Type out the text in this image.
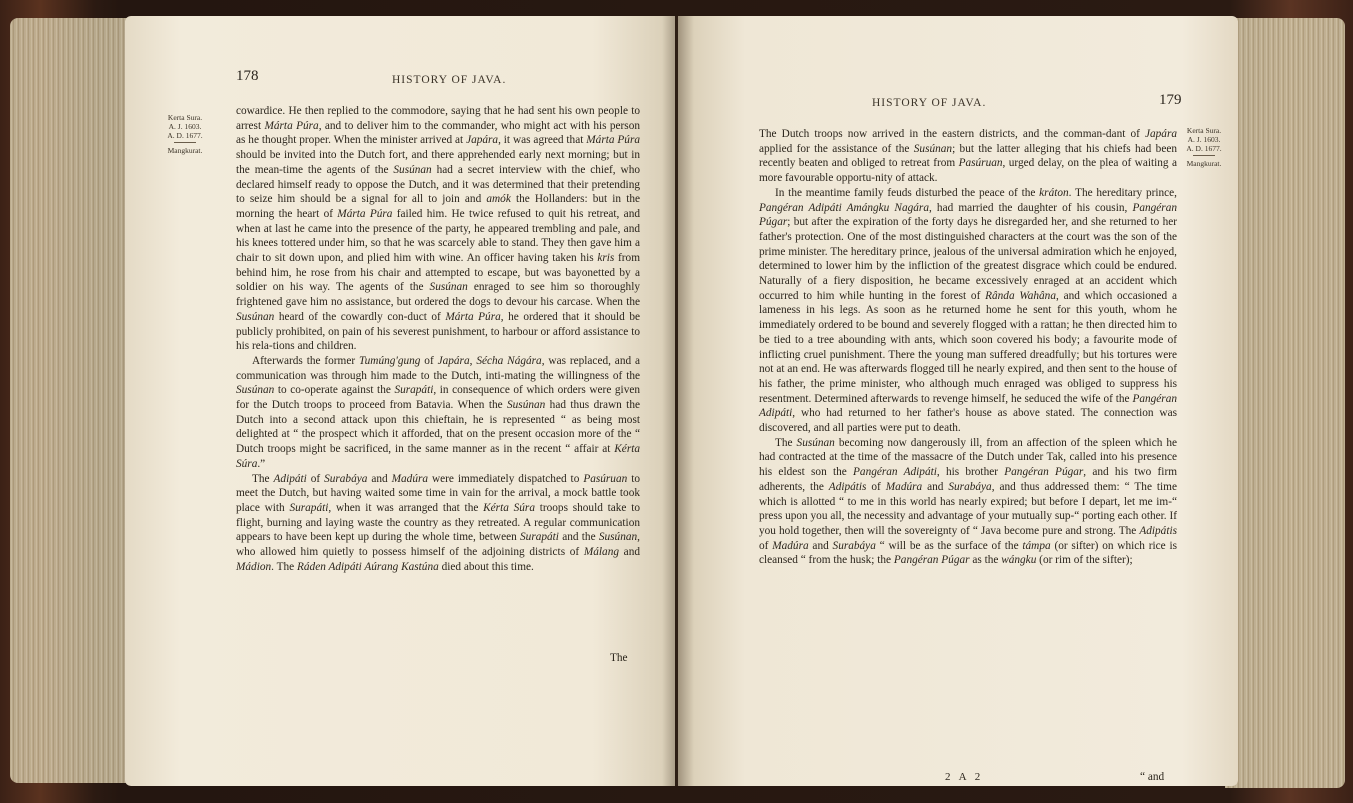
178	HISTORY OF JAVA.
Kerta Sura.
A. J. 1603.
A. D. 1677.
Mangkurat.

cowardice. He then replied to the commodore, saying that he had sent his own people to arrest Márta Púra, and to deliver him to the commander, who might act with his person as he thought proper. When the minister arrived at Japára, it was agreed that Márta Púra should be invited into the Dutch fort, and there apprehended early next morning; but in the mean-time the agents of the Susúnan had a secret interview with the chief, who declared himself ready to oppose the Dutch, and it was determined that their pretending to seize him should be a signal for all to join and amók the Hollanders: but in the morning the heart of Márta Púra failed him. He twice refused to quit his retreat, and when at last he came into the presence of the party, he appeared trembling and pale, and his knees tottered under him, so that he was scarcely able to stand. They then gave him a chair to sit down upon, and plied him with wine. An officer having taken his kris from behind him, he rose from his chair and attempted to escape, but was bayonetted by a soldier on his way. The agents of the Susúnan enraged to see him so thoroughly frightened gave him no assistance, but ordered the dogs to devour his carcase. When the Susúnan heard of the cowardly con-duct of Márta Púra, he ordered that it should be publicly prohibited, on pain of his severest punishment, to harbour or afford assistance to his rela-tions and children.

Afterwards the former Tumúng'gung of Japára, Sécha Nágára, was replaced, and a communication was through him made to the Dutch, inti-mating the willingness of the Susúnan to co-operate against the Surapáti, in consequence of which orders were given for the Dutch troops to proceed from Batavia. When the Susúnan had thus drawn the Dutch into a second attack upon this chieftain, he is represented “ as being most delighted at “ the prospect which it afforded, that on the present occasion more of the “ Dutch troops might be sacrificed, in the same manner as in the recent “ affair at Kérta Súra.”

The Adipáti of Surabáya and Madúra were immediately dispatched to Pasúruan to meet the Dutch, but having waited some time in vain for the arrival, a mock battle took place with Surapáti, when it was arranged that the Kérta Súra troops should take to flight, burning and laying waste the country as they retreated. A regular communication appears to have been kept up during the whole time, between Surapáti and the Susúnan, who allowed him quietly to possess himself of the adjoining districts of Málang and Mádion. The Ráden Adipáti Aúrang Kastúna died about this time.

The
HISTORY OF JAVA.	179
Kerta Sura.
A. J. 1603.
A. D. 1677.
Mangkurat.

The Dutch troops now arrived in the eastern districts, and the comman-dant of Japára applied for the assistance of the Susúnan; but the latter alleging that his chiefs had been recently beaten and obliged to retreat from Pasúruan, urged delay, on the plea of waiting a more favourable opportu-nity of attack.

In the meantime family feuds disturbed the peace of the kráton. The hereditary prince, Pangéran Adipáti Amángku Nagára, had married the daughter of his cousin, Pangéran Púgar; but after the expiration of the forty days he disregarded her, and she returned to her father's protection. One of the most distinguished characters at the court was the son of the prime minister. The hereditary prince, jealous of the universal admiration which he enjoyed, determined to lower him by the infliction of the greatest disgrace which could be endured. Naturally of a fiery disposition, he became excessively enraged at an accident which occurred to him while hunting in the forest of Rânda Wahâna, and which occasioned a lameness in his legs. As soon as he returned home he sent for this youth, whom he immediately ordered to be bound and severely flogged with a rattan; he then directed him to be tied to a tree abounding with ants, which soon covered his body; a favourite mode of inflicting cruel punishment. There the young man suffered dreadfully; but his tortures were not at an end. He was afterwards flogged till he nearly expired, and then sent to the house of his father, the prime minister, who although much enraged was obliged to suppress his resentment. Determined afterwards to revenge himself, he seduced the wife of the Pangéran Adipáti, who had returned to her father's house as above stated. The connection was discovered, and all parties were put to death.

The Susúnan becoming now dangerously ill, from an affection of the spleen which he had contracted at the time of the massacre of the Dutch under Tak, called into his presence his eldest son the Pangéran Adipáti, his brother Pangéran Púgar, and his two firm adherents, the Adipátis of Madúra and Surabáya, and thus addressed them: “ The time which is allotted “ to me in this world has nearly expired; but before I depart, let me im-“ press upon you all, the necessity and advantage of your mutually sup-“ porting each other. If you hold together, then will the sovereignty of “ Java become pure and strong. The Adipátis of Madúra and Surabáya “ will be as the surface of the támpa (or sifter) on which rice is cleansed “ from the husk; the Pangéran Púgar as the wángku (or rim of the sifter);

2 A 2	“ and
